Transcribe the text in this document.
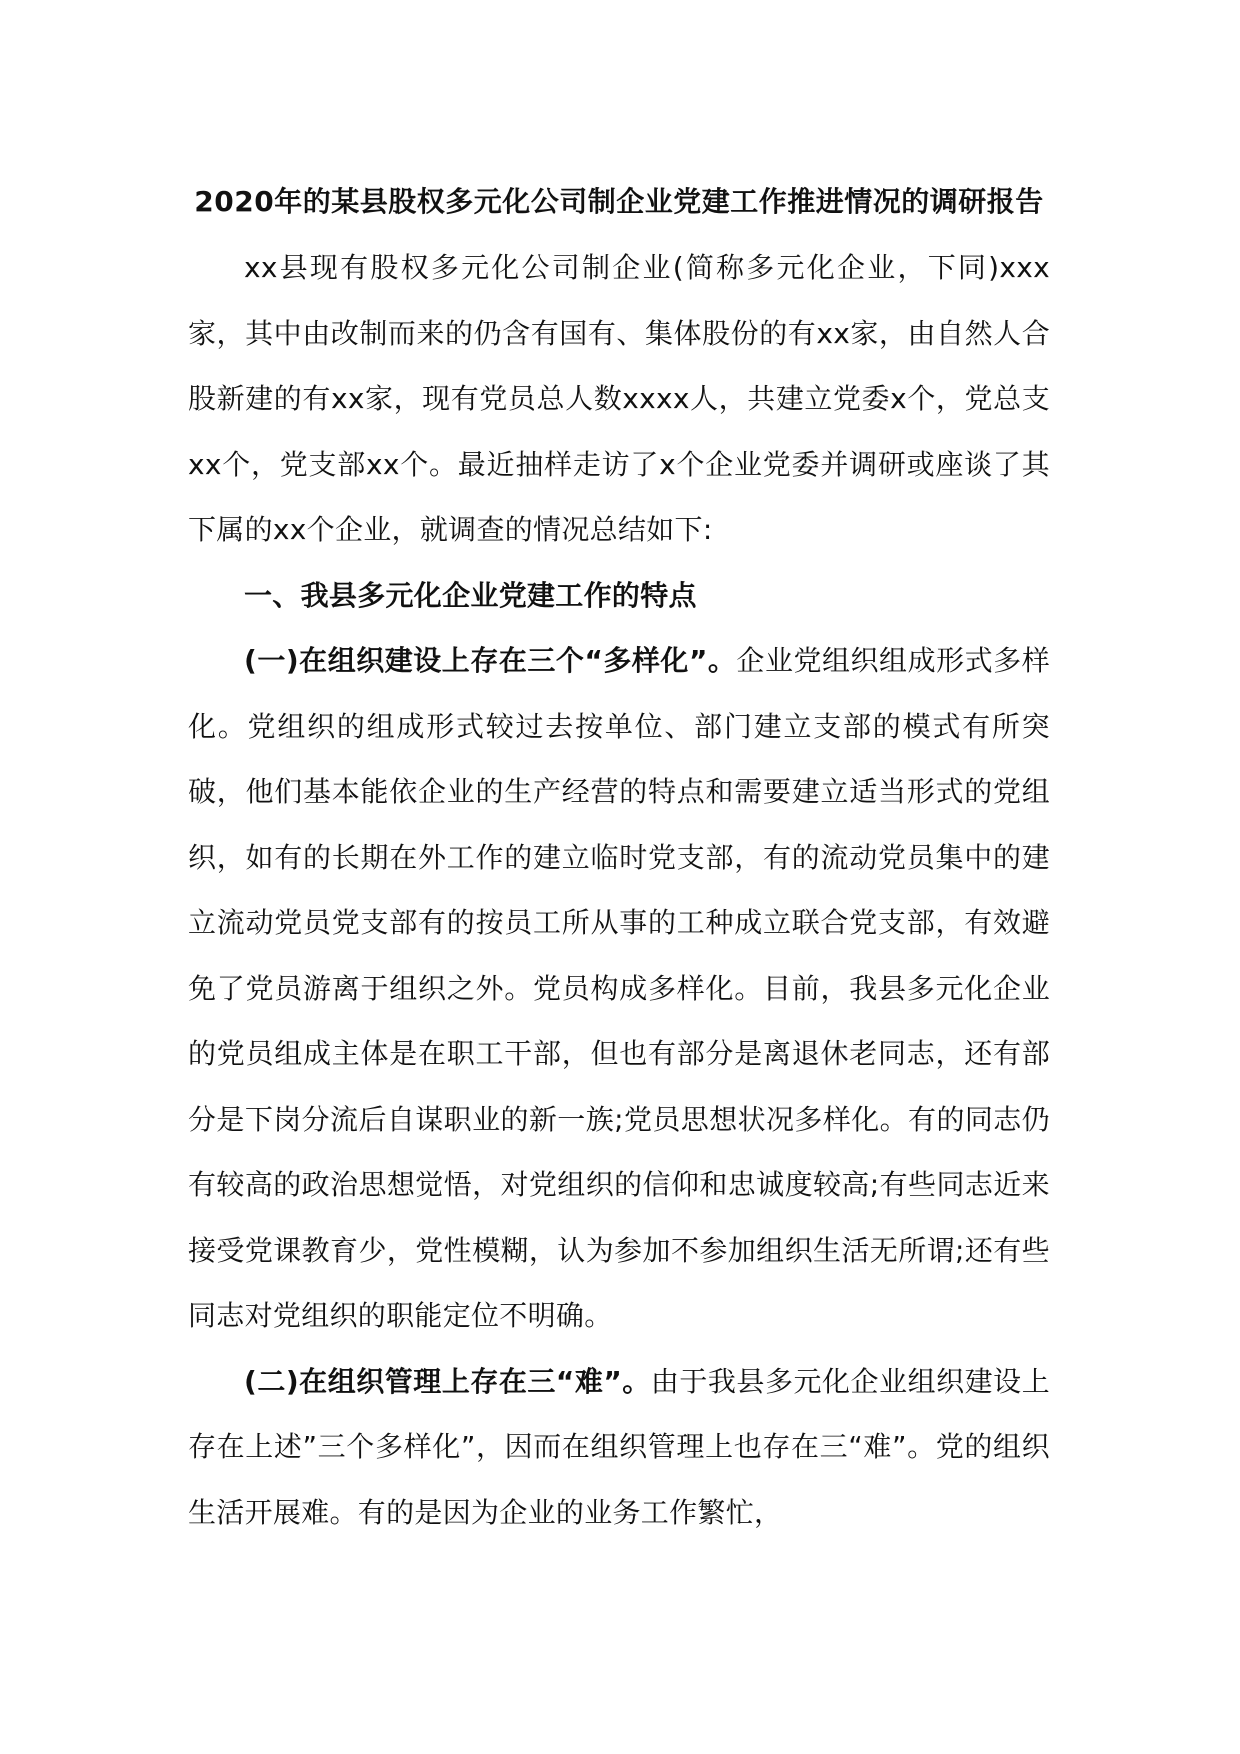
2020年的某县股权多元化公司制企业党建工作推进情况的调研报告

xx县现有股权多元化公司制企业(简称多元化企业，下同)xxx家，其中由改制而来的仍含有国有、集体股份的有xx家，由自然人合股新建的有xx家，现有党员总人数xxxx人，共建立党委x个，党总支xx个，党支部xx个。最近抽样走访了x个企业党委并调研或座谈了其下属的xx个企业，就调查的情况总结如下:

一、我县多元化企业党建工作的特点

(一)在组织建设上存在三个“多样化”。企业党组织组成形式多样化。党组织的组成形式较过去按单位、部门建立支部的模式有所突破，他们基本能依企业的生产经营的特点和需要建立适当形式的党组织，如有的长期在外工作的建立临时党支部，有的流动党员集中的建立流动党员党支部有的按员工所从事的工种成立联合党支部，有效避免了党员游离于组织之外。党员构成多样化。目前，我县多元化企业的党员组成主体是在职工干部，但也有部分是离退休老同志，还有部分是下岗分流后自谋职业的新一族;党员思想状况多样化。有的同志仍有较高的政治思想觉悟，对党组织的信仰和忠诚度较高;有些同志近来接受党课教育少，党性模糊，认为参加不参加组织生活无所谓;还有些同志对党组织的职能定位不明确。

(二)在组织管理上存在三“难”。由于我县多元化企业组织建设上存在上述”三个多样化”，因而在组织管理上也存在三“难”。党的组织生活开展难。有的是因为企业的业务工作繁忙，
